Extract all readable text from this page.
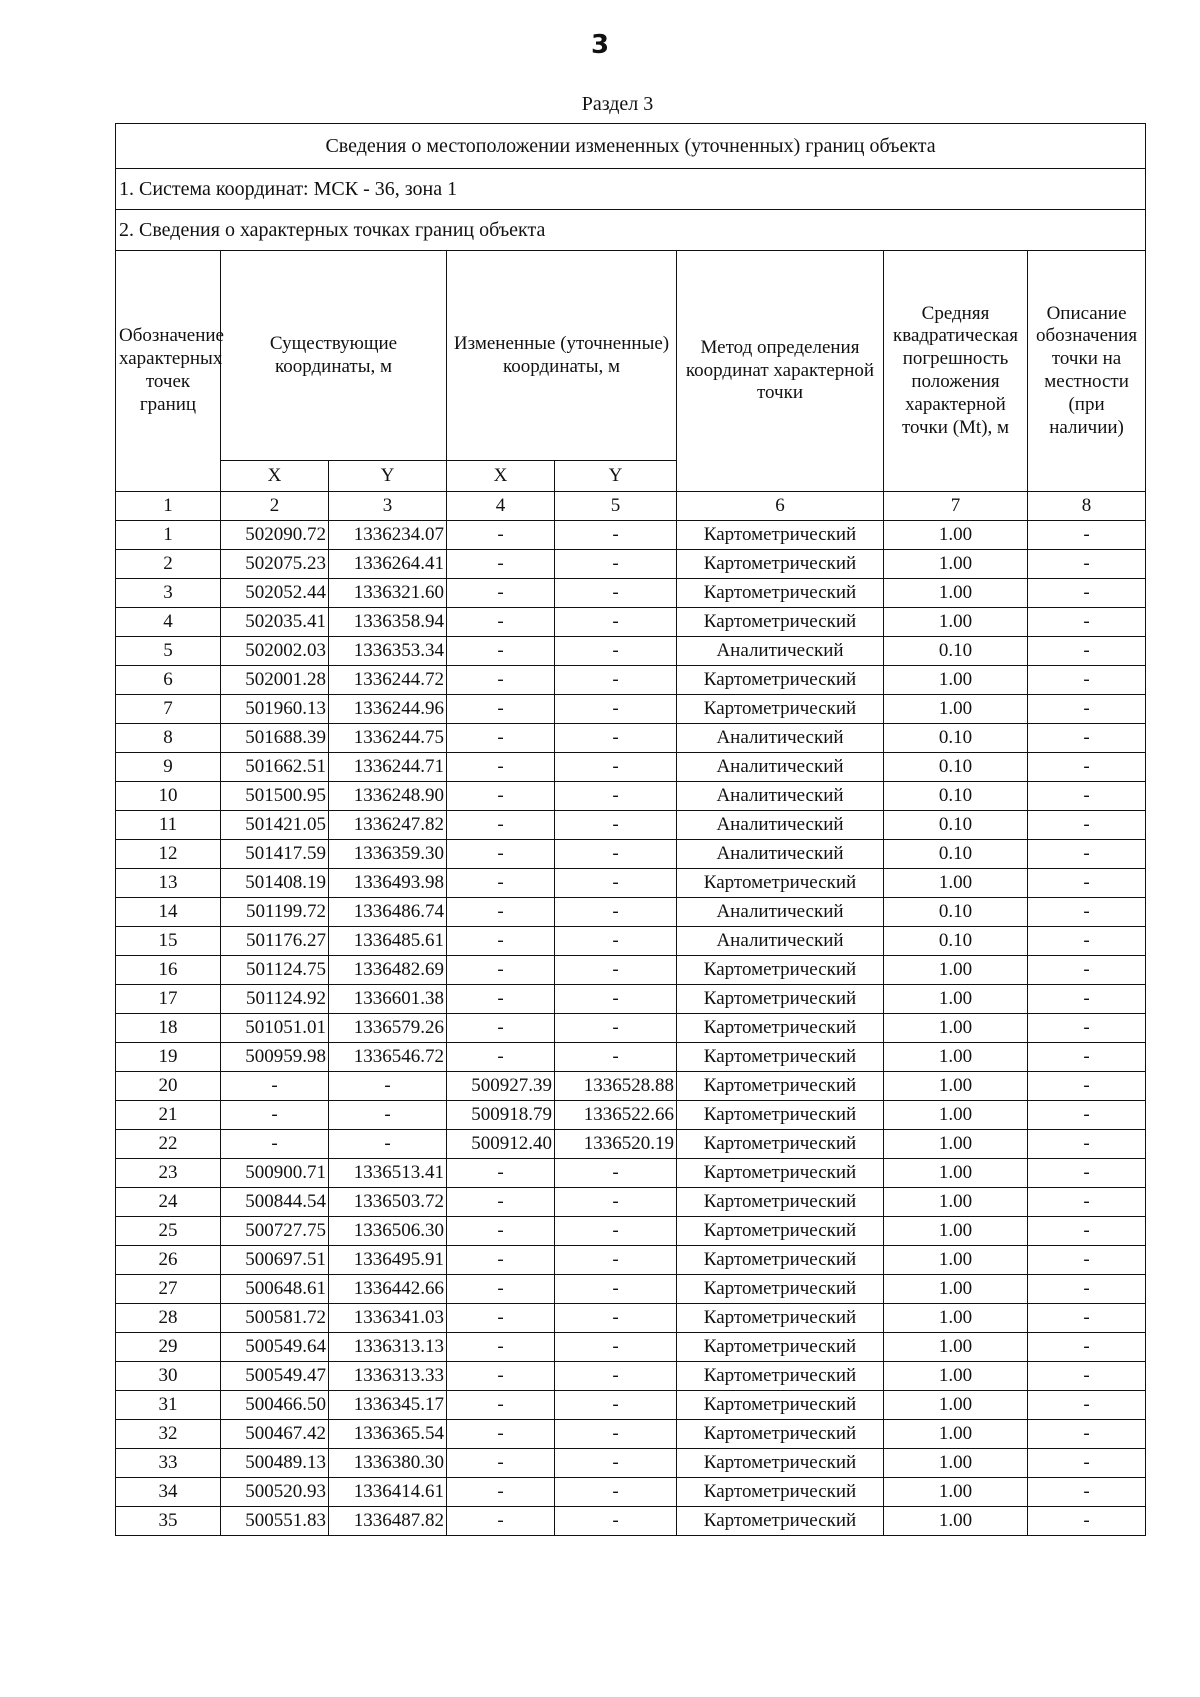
3
Раздел 3
Сведения о местоположении измененных (уточненных) границ объекта							
1. Система координат: МСК - 36, зона 1							
2. Сведения о характерных точках границ объекта							
Обозначение характерных точек границ	Существующие координаты, м		Измененные (уточненные) координаты, м		Метод определения координат характерной точки	Средняя квадратическая погрешность положения характерной точки (Mt), м	Описание обозначения точки на местности (при наличии)
	X	Y	X	Y			
1	2	3	4	5	6	7	8
1	502090.72	1336234.07	-	-	Картометрический	1.00	-
2	502075.23	1336264.41	-	-	Картометрический	1.00	-
3	502052.44	1336321.60	-	-	Картометрический	1.00	-
4	502035.41	1336358.94	-	-	Картометрический	1.00	-
5	502002.03	1336353.34	-	-	Аналитический	0.10	-
6	502001.28	1336244.72	-	-	Картометрический	1.00	-
7	501960.13	1336244.96	-	-	Картометрический	1.00	-
8	501688.39	1336244.75	-	-	Аналитический	0.10	-
9	501662.51	1336244.71	-	-	Аналитический	0.10	-
10	501500.95	1336248.90	-	-	Аналитический	0.10	-
11	501421.05	1336247.82	-	-	Аналитический	0.10	-
12	501417.59	1336359.30	-	-	Аналитический	0.10	-
13	501408.19	1336493.98	-	-	Картометрический	1.00	-
14	501199.72	1336486.74	-	-	Аналитический	0.10	-
15	501176.27	1336485.61	-	-	Аналитический	0.10	-
16	501124.75	1336482.69	-	-	Картометрический	1.00	-
17	501124.92	1336601.38	-	-	Картометрический	1.00	-
18	501051.01	1336579.26	-	-	Картометрический	1.00	-
19	500959.98	1336546.72	-	-	Картометрический	1.00	-
20	-	-	500927.39	1336528.88	Картометрический	1.00	-
21	-	-	500918.79	1336522.66	Картометрический	1.00	-
22	-	-	500912.40	1336520.19	Картометрический	1.00	-
23	500900.71	1336513.41	-	-	Картометрический	1.00	-
24	500844.54	1336503.72	-	-	Картометрический	1.00	-
25	500727.75	1336506.30	-	-	Картометрический	1.00	-
26	500697.51	1336495.91	-	-	Картометрический	1.00	-
27	500648.61	1336442.66	-	-	Картометрический	1.00	-
28	500581.72	1336341.03	-	-	Картометрический	1.00	-
29	500549.64	1336313.13	-	-	Картометрический	1.00	-
30	500549.47	1336313.33	-	-	Картометрический	1.00	-
31	500466.50	1336345.17	-	-	Картометрический	1.00	-
32	500467.42	1336365.54	-	-	Картометрический	1.00	-
33	500489.13	1336380.30	-	-	Картометрический	1.00	-
34	500520.93	1336414.61	-	-	Картометрический	1.00	-
35	500551.83	1336487.82	-	-	Картометрический	1.00	-
